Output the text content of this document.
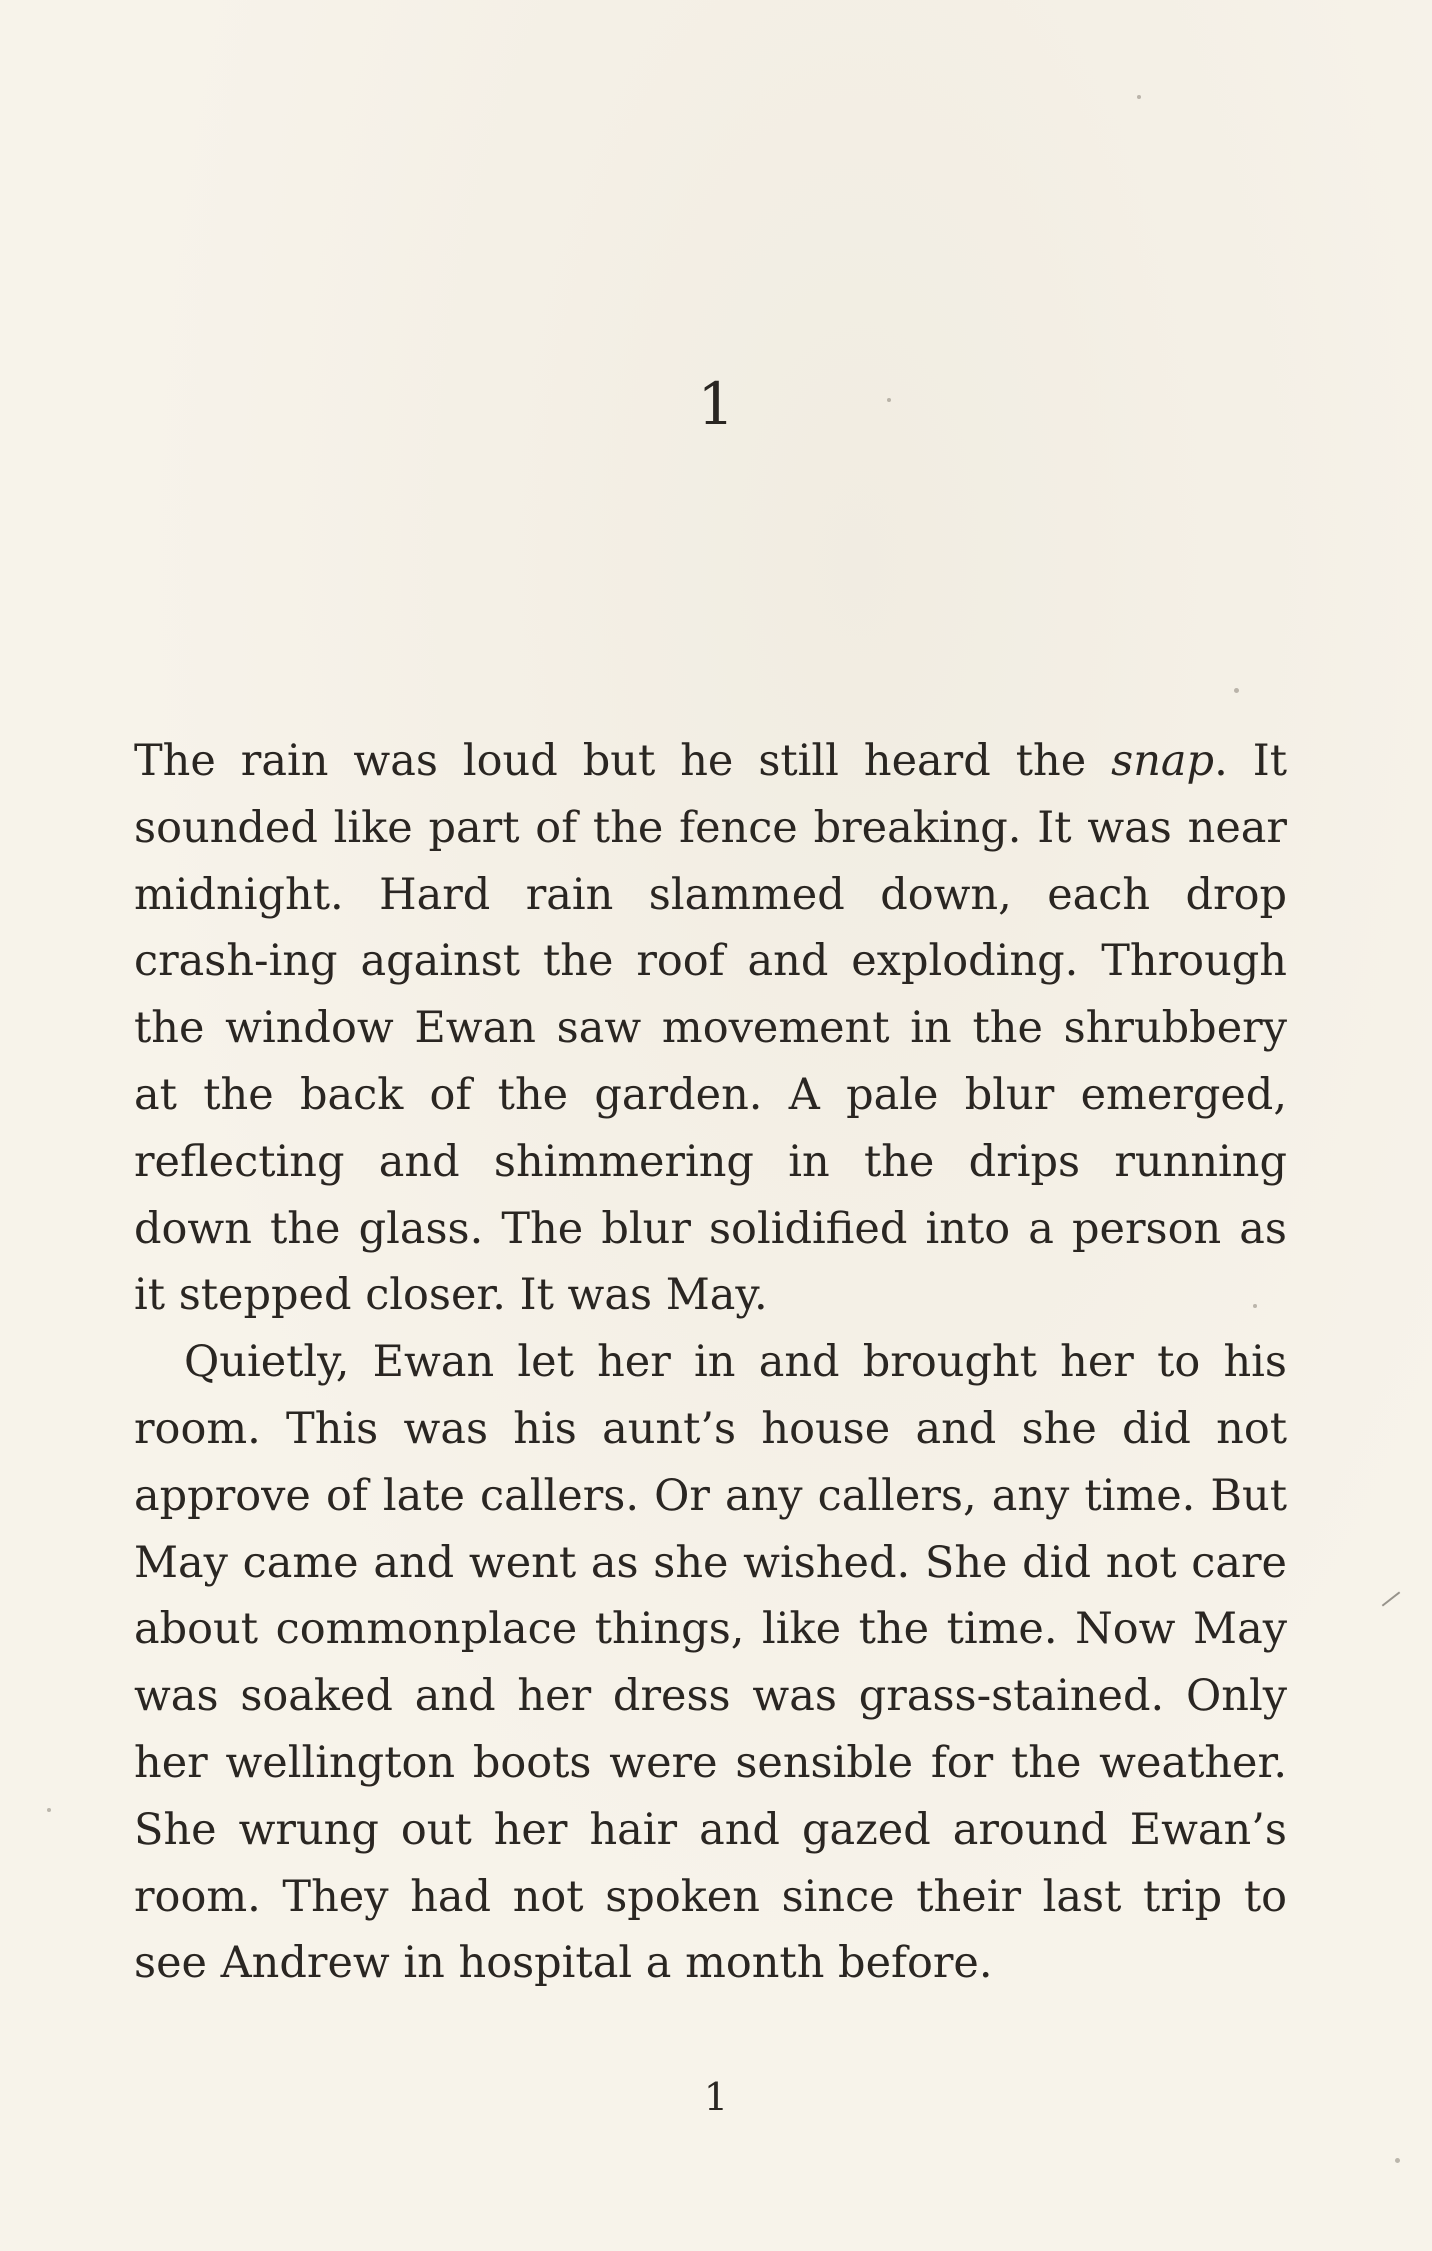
1

The rain was loud but he still heard the snap. It sounded like part of the fence breaking. It was near midnight. Hard rain slammed down, each drop crash-ing against the roof and exploding. Through the window Ewan saw movement in the shrubbery at the back of the garden. A pale blur emerged, reflecting and shimmering in the drips running down the glass. The blur solidified into a person as it stepped closer. It was May.

Quietly, Ewan let her in and brought her to his room. This was his aunt’s house and she did not approve of late callers. Or any callers, any time. But May came and went as she wished. She did not care about commonplace things, like the time. Now May was soaked and her dress was grass-stained. Only her wellington boots were sensible for the weather. She wrung out her hair and gazed around Ewan’s room. They had not spoken since their last trip to see Andrew in hospital a month before.

1
